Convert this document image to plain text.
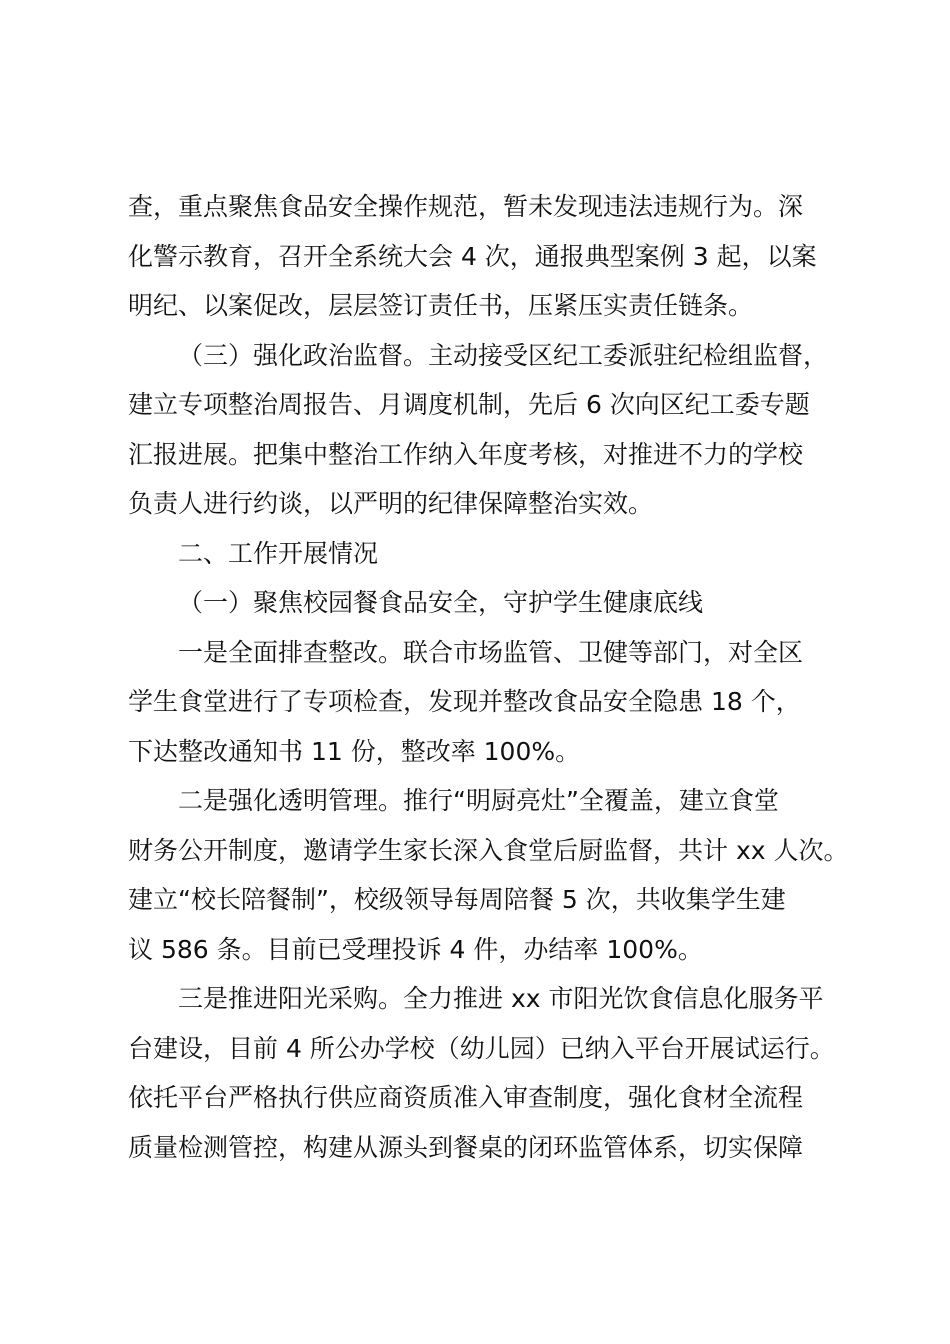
查，重点聚焦食品安全操作规范，暂未发现违法违规行为。深
化警示教育，召开全系统大会 4 次，通报典型案例 3 起，以案
明纪、以案促改，层层签订责任书，压紧压实责任链条。
（三）强化政治监督。主动接受区纪工委派驻纪检组监督，
建立专项整治周报告、月调度机制，先后 6 次向区纪工委专题
汇报进展。把集中整治工作纳入年度考核，对推进不力的学校
负责人进行约谈，以严明的纪律保障整治实效。
二、工作开展情况
（一）聚焦校园餐食品安全，守护学生健康底线
一是全面排查整改。联合市场监管、卫健等部门，对全区
学生食堂进行了专项检查，发现并整改食品安全隐患 18 个，
下达整改通知书 11 份，整改率 100%。
二是强化透明管理。推行“明厨亮灶”全覆盖，建立食堂
财务公开制度，邀请学生家长深入食堂后厨监督，共计 xx 人次。
建立“校长陪餐制”，校级领导每周陪餐 5 次，共收集学生建
议 586 条。目前已受理投诉 4 件，办结率 100%。
三是推进阳光采购。全力推进 xx 市阳光饮食信息化服务平
台建设，目前 4 所公办学校（幼儿园）已纳入平台开展试运行。
依托平台严格执行供应商资质准入审查制度，强化食材全流程
质量检测管控，构建从源头到餐桌的闭环监管体系，切实保障
